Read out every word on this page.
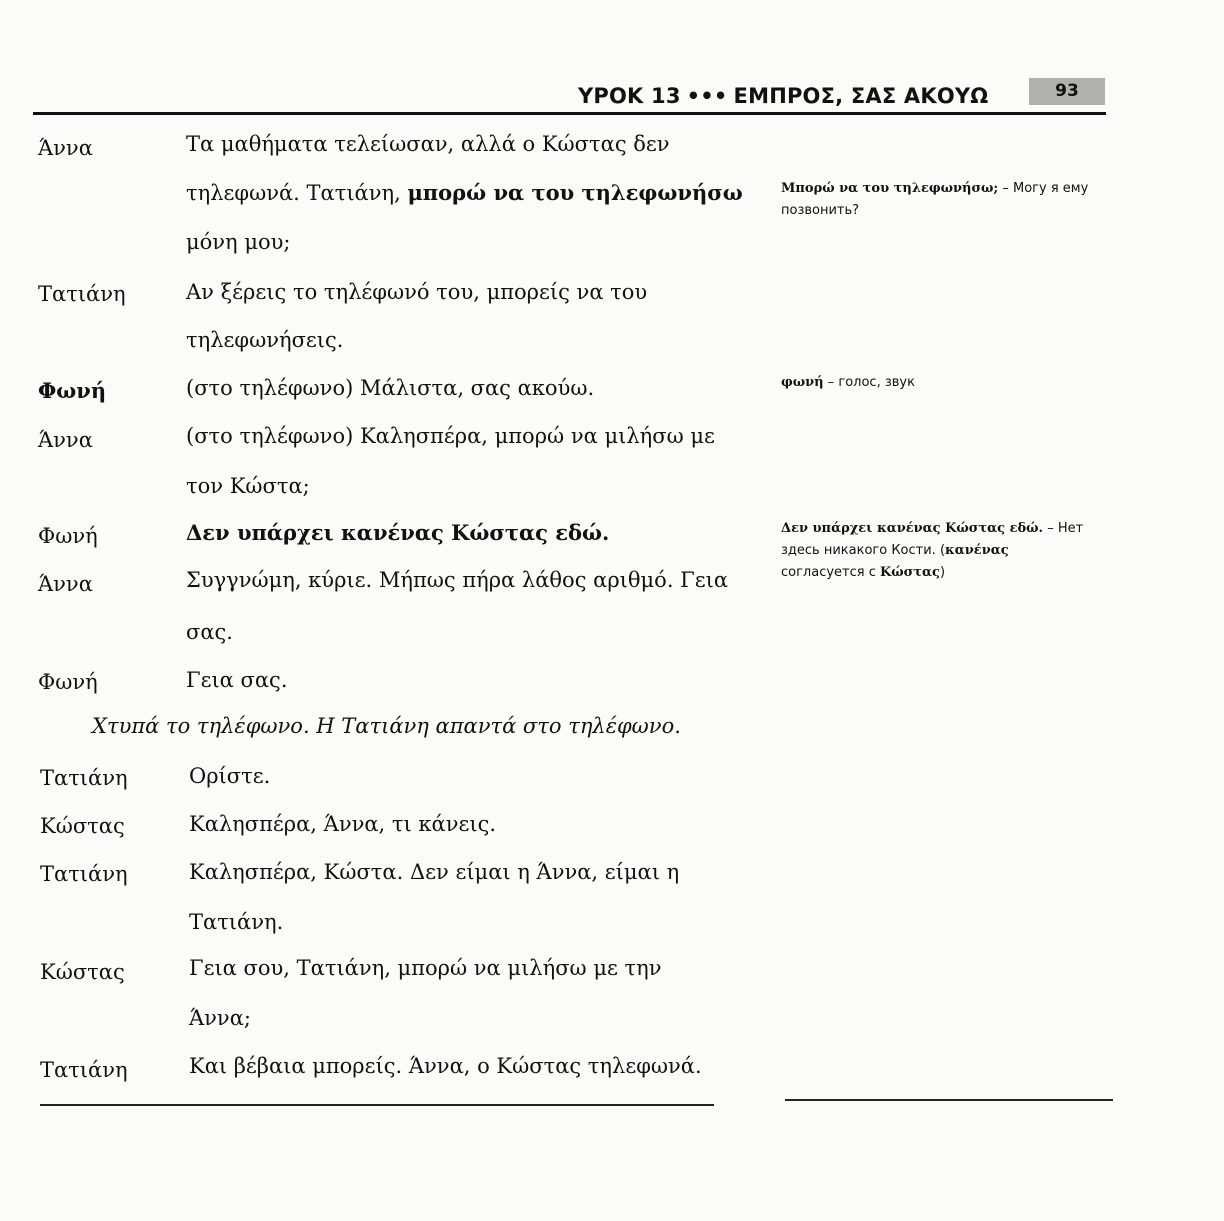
ΥΡΟΚ 13 ••• ΕΜΠΡΟΣ, ΣΑΣ ΑΚΟΥΩ	93
Άννα	Τα μαθήματα τελείωσαν, αλλά ο Κώστας δεν
τηλεφωνά. Τατιάνη, μπορώ να του τηλεφωνήσω
μόνη μου;
Τατιάνη	Αν ξέρεις το τηλέφωνό του, μπορείς να του
τηλεφωνήσεις.
Φωνή	(στο τηλέφωνο) Μάλιστα, σας ακούω.
Άννα	(στο τηλέφωνο) Καλησπέρα, μπορώ να μιλήσω με
τον Κώστα;
Φωνή	Δεν υπάρχει κανένας Κώστας εδώ.
Άννα	Συγγνώμη, κύριε. Μήπως πήρα λάθος αριθμό. Γεια
σας.
Φωνή	Γεια σας.
Χτυπά το τηλέφωνο. Η Τατιάνη απαντά στο τηλέφωνο.
Τατιάνη	Ορίστε.
Κώστας	Καλησπέρα, Άννα, τι κάνεις.
Τατιάνη	Καλησπέρα, Κώστα. Δεν είμαι η Άννα, είμαι η
Τατιάνη.
Κώστας	Γεια σου, Τατιάνη, μπορώ να μιλήσω με την
Άννα;
Τατιάνη	Και βέβαια μπορείς. Άννα, ο Κώστας τηλεφωνά.
Μπορώ να του τηλεφωνήσω; – Могу я ему
позвонить?
φωνή – голос, звук
Δεν υπάρχει κανένας Κώστας εδώ. – Нет
здесь никакого Кости. (κανένας
согласуется с Κώστας)
